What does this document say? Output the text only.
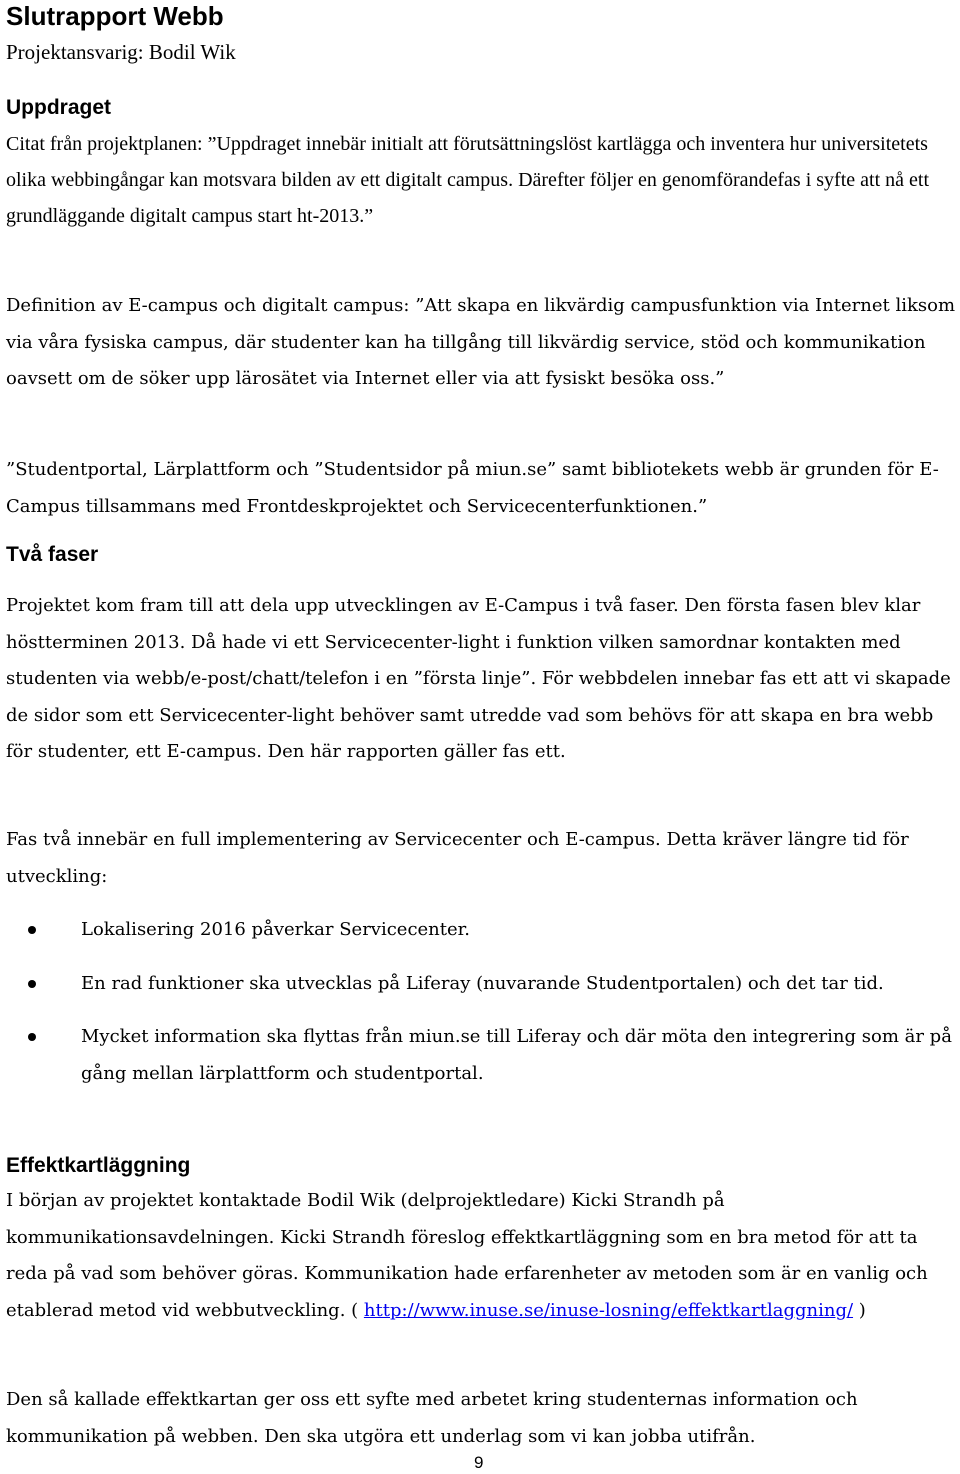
Slutrapport Webb
Projektansvarig: Bodil Wik
Uppdraget
Citat från projektplanen: ”Uppdraget innebär initialt att förutsättningslöst kartlägga och inventera hur universitetets olika webbingångar kan motsvara bilden av ett digitalt campus. Därefter följer en genomförandefas i syfte att nå ett grundläggande digitalt campus start ht-2013.”

Definition av E-campus och digitalt campus: ”Att skapa en likvärdig campusfunktion via Internet liksom via våra fysiska campus, där studenter kan ha tillgång till likvärdig service, stöd och kommunikation oavsett om de söker upp lärosätet via Internet eller via att fysiskt besöka oss.”

”Studentportal, Lärplattform och ”Studentsidor på miun.se” samt bibliotekets webb är grunden för E-Campus tillsammans med Frontdeskprojektet och Servicecenterfunktionen.”

Två faser

Projektet kom fram till att dela upp utvecklingen av E-Campus i två faser. Den första fasen blev klar höstterminen 2013. Då hade vi ett Servicecenter-light i funktion vilken samordnar kontakten med studenten via webb/e-post/chatt/telefon i en ”första linje”. För webbdelen innebar fas ett att vi skapade de sidor som ett Servicecenter-light behöver samt utredde vad som behövs för att skapa en bra webb för studenter, ett E-campus. Den här rapporten gäller fas ett.

Fas två innebär en full implementering av Servicecenter och E-campus. Detta kräver längre tid för utveckling:

Lokalisering 2016 påverkar Servicecenter.
En rad funktioner ska utvecklas på Liferay (nuvarande Studentportalen) och det tar tid.
Mycket information ska flyttas från miun.se till Liferay och där möta den integrering som är på gång mellan lärplattform och studentportal.
Effektkartläggning

I början av projektet kontaktade Bodil Wik (delprojektledare) Kicki Strandh på kommunikationsavdelningen. Kicki Strandh föreslog effektkartläggning som en bra metod för att ta reda på vad som behöver göras. Kommunikation hade erfarenheter av metoden som är en vanlig och etablerad metod vid webbutveckling. ( http://www.inuse.se/inuse-losning/effektkartlaggning/ )

Den så kallade effektkartan ger oss ett syfte med arbetet kring studenternas information och kommunikation på webben. Den ska utgöra ett underlag som vi kan jobba utifrån.

9
